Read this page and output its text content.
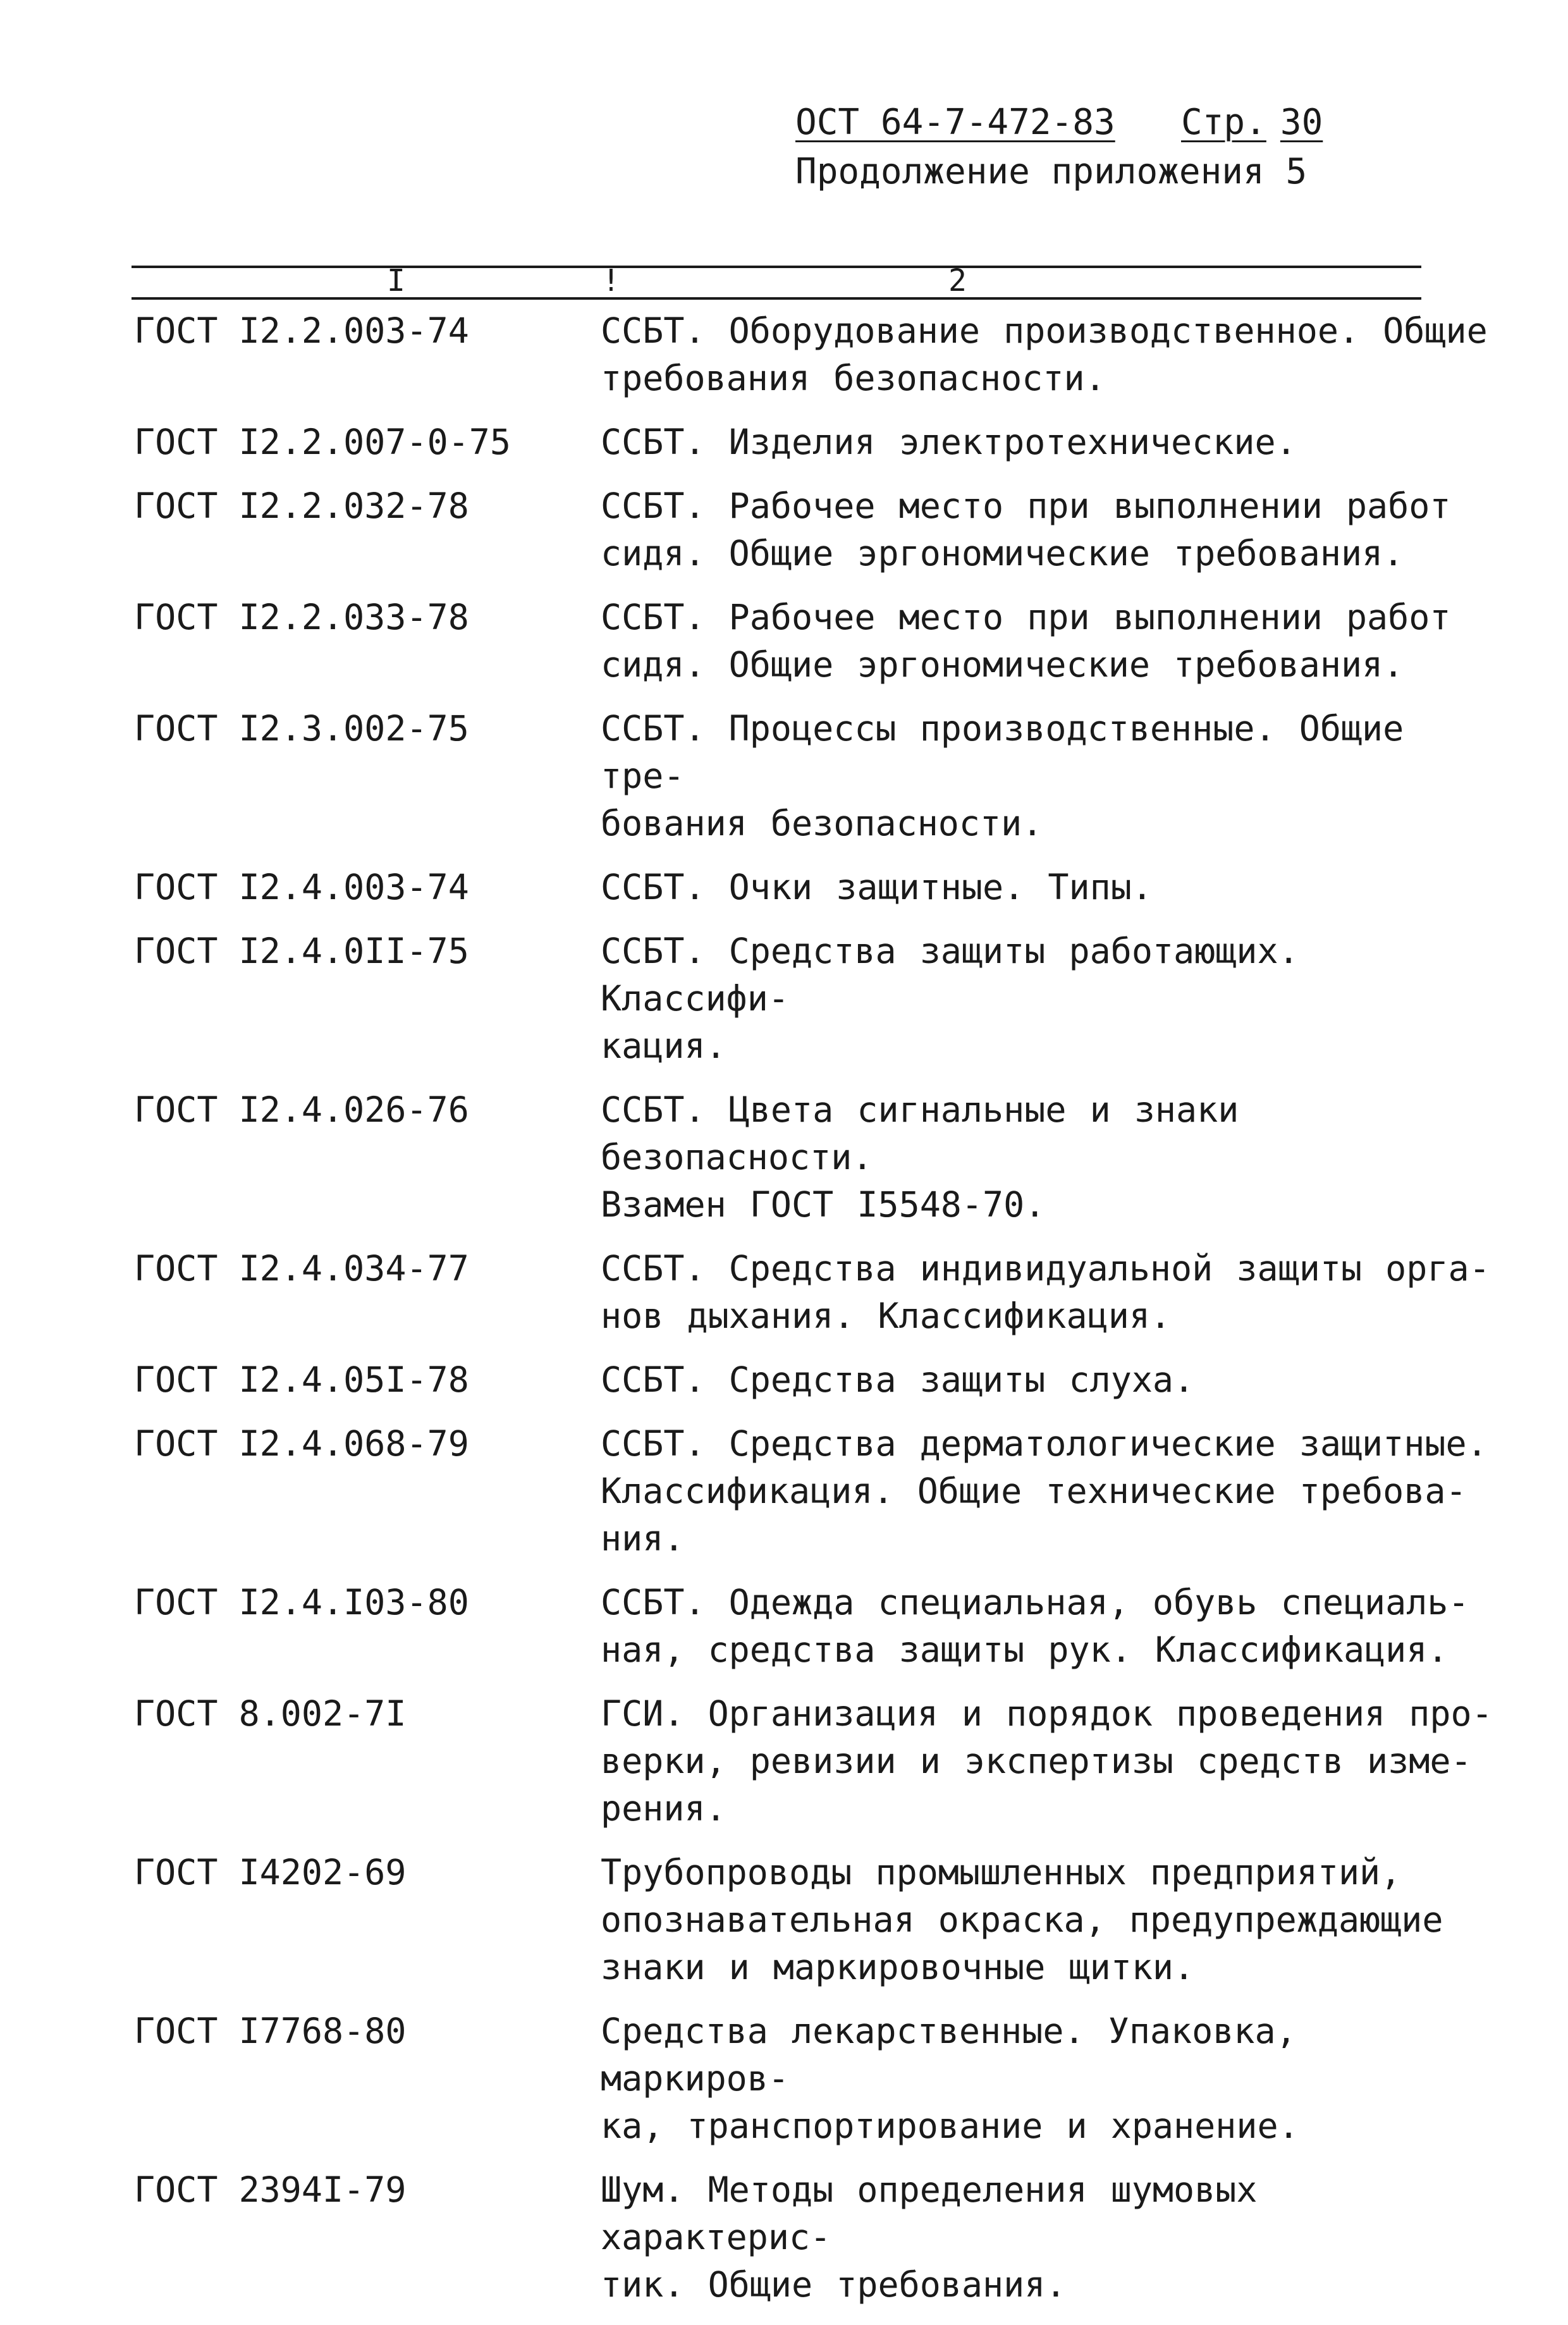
ОСТ 64-7-472-83	Стр. 30
Продолжение приложения 5
I	!	2
ГОСТ I2.2.003-74	ССБТ. Оборудование производственное. Общие
требования безопасности.
ГОСТ I2.2.007-0-75	ССБТ. Изделия электротехнические.
ГОСТ I2.2.032-78	ССБТ. Рабочее место при выполнении работ
сидя. Общие эргономические требования.
ГОСТ I2.2.033-78	ССБТ. Рабочее место при выполнении работ
сидя. Общие эргономические требования.
ГОСТ I2.3.002-75	ССБТ. Процессы производственные. Общие тре-
бования безопасности.
ГОСТ I2.4.003-74	ССБТ. Очки защитные. Типы.
ГОСТ I2.4.0II-75	ССБТ. Средства защиты работающих. Классифи-
кация.
ГОСТ I2.4.026-76	ССБТ. Цвета сигнальные и знаки безопасности.
Взамен ГОСТ I5548-70.
ГОСТ I2.4.034-77	ССБТ. Средства индивидуальной защиты орга-
нов дыхания. Классификация.
ГОСТ I2.4.05I-78	ССБТ. Средства защиты слуха.
ГОСТ I2.4.068-79	ССБТ. Средства дерматологические защитные.
Классификация. Общие технические требова-
ния.
ГОСТ I2.4.I03-80	ССБТ. Одежда специальная, обувь специаль-
ная, средства защиты рук. Классификация.
ГОСТ 8.002-7I	ГСИ. Организация и порядок проведения про-
верки, ревизии и экспертизы средств изме-
рения.
ГОСТ I4202-69	Трубопроводы промышленных предприятий,
опознавательная окраска, предупреждающие
знаки и маркировочные щитки.
ГОСТ I7768-80	Средства лекарственные. Упаковка, маркиров-
ка, транспортирование и хранение.
ГОСТ 2394I-79	Шум. Методы определения шумовых характерис-
тик. Общие требования.
